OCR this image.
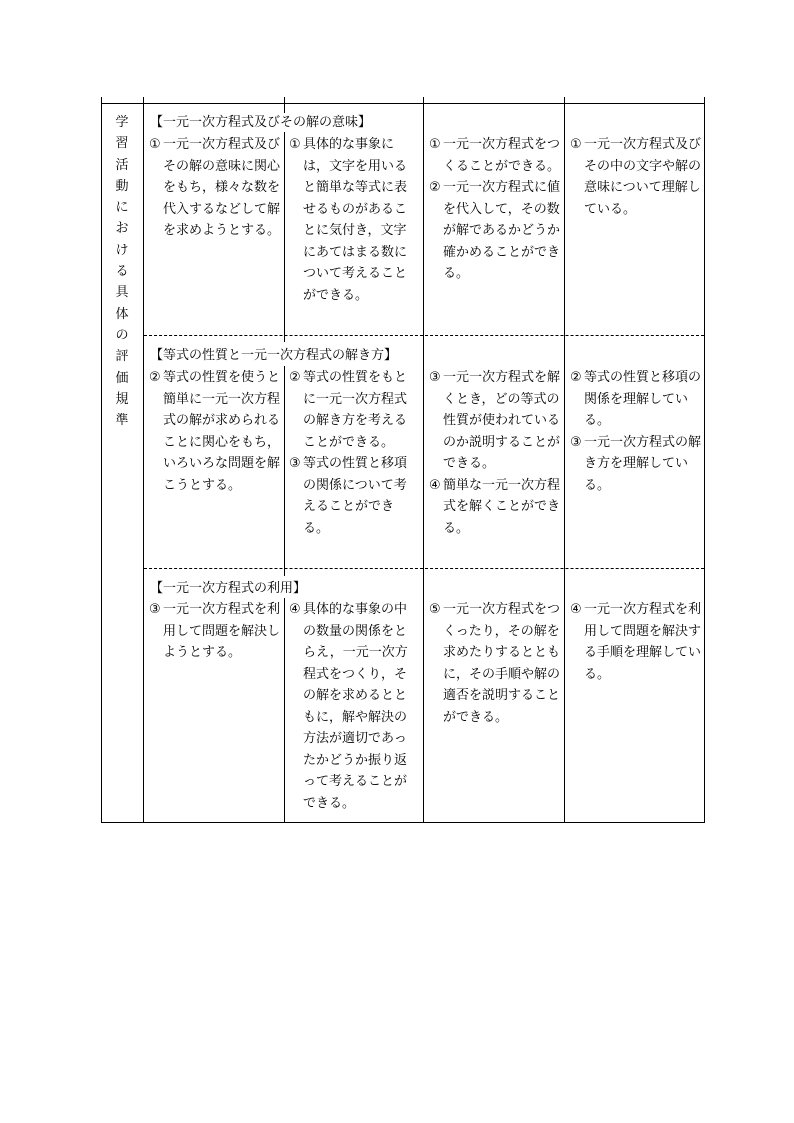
学
習
活
動
に
お
け
る
具
体
の
評
価
規
準
【一元一次方程式及びその解の意味】
① 一元一次方程式及びその解の意味に関心をもち，様々な数を代入するなどして解を求めようとする。
① 具体的な事象には，文字を用いると簡単な等式に表せるものがあることに気付き，文字にあてはまる数について考えることができる。
① 一元一次方程式をつくることができる。
② 一元一次方程式に値を代入して，その数が解であるかどうか確かめることができる。
① 一元一次方程式及びその中の文字や解の意味について理解している。
【等式の性質と一元一次方程式の解き方】
② 等式の性質を使うと簡単に一元一次方程式の解が求められることに関心をもち，いろいろな問題を解こうとする。
② 等式の性質をもとに一元一次方程式の解き方を考えることができる。
③ 等式の性質と移項の関係について考えることができる。
③ 一元一次方程式を解くとき，どの等式の性質が使われているのか説明することができる。
④ 簡単な一元一次方程式を解くことができる。
② 等式の性質と移項の関係を理解している。
③ 一元一次方程式の解き方を理解している。
【一元一次方程式の利用】
③ 一元一次方程式を利用して問題を解決しようとする。
④ 具体的な事象の中の数量の関係をとらえ，一元一次方程式をつくり，その解を求めるとともに，解や解決の方法が適切であったかどうか振り返って考えることができる。
⑤ 一元一次方程式をつくったり，その解を求めたりするとともに，その手順や解の適否を説明することができる。
④ 一元一次方程式を利用して問題を解決する手順を理解している。
